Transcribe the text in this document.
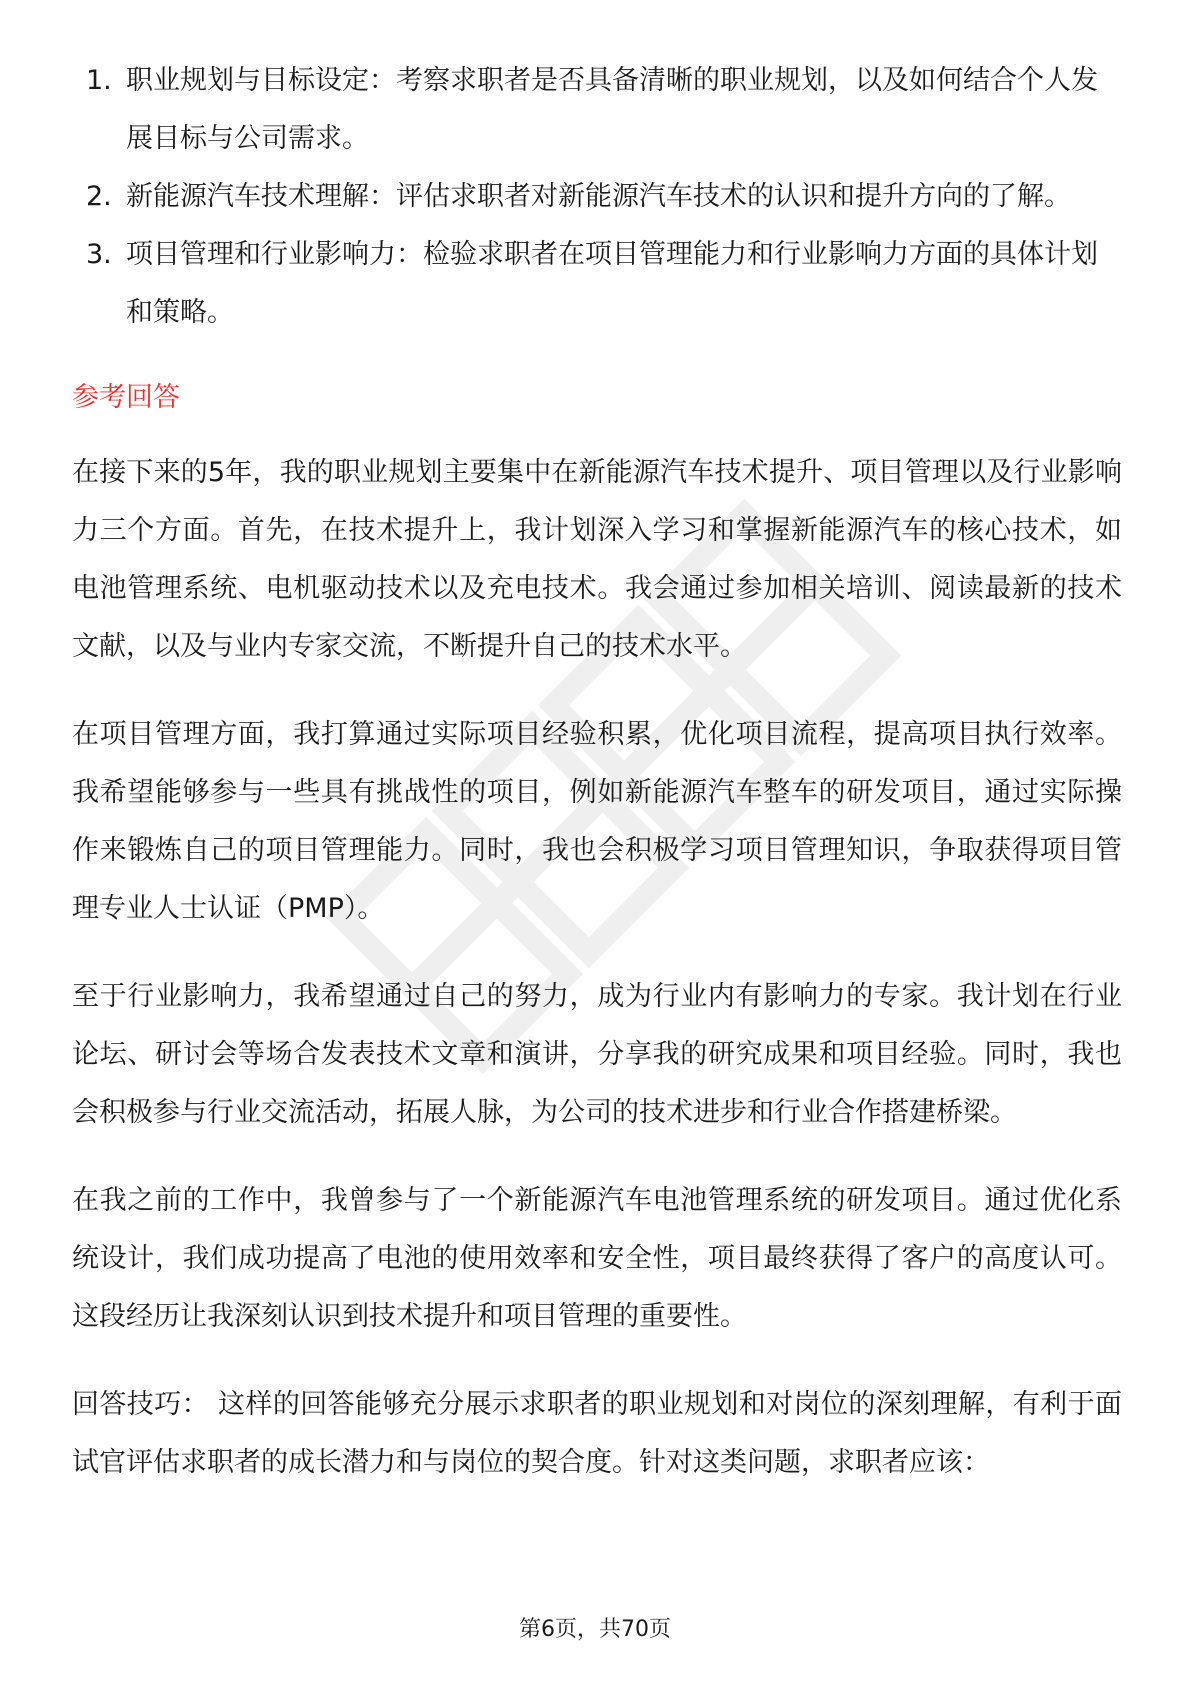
1. 职业规划与目标设定：考察求职者是否具备清晰的职业规划，以及如何结合个人发展目标与公司需求。
2. 新能源汽车技术理解：评估求职者对新能源汽车技术的认识和提升方向的了解。
3. 项目管理和行业影响力：检验求职者在项目管理能力和行业影响力方面的具体计划和策略。
参考回答

在接下来的5年，我的职业规划主要集中在新能源汽车技术提升、项目管理以及行业影响力三个方面。首先，在技术提升上，我计划深入学习和掌握新能源汽车的核心技术，如电池管理系统、电机驱动技术以及充电技术。我会通过参加相关培训、阅读最新的技术文献，以及与业内专家交流，不断提升自己的技术水平。

在项目管理方面，我打算通过实际项目经验积累，优化项目流程，提高项目执行效率。我希望能够参与一些具有挑战性的项目，例如新能源汽车整车的研发项目，通过实际操作来锻炼自己的项目管理能力。同时，我也会积极学习项目管理知识，争取获得项目管理专业人士认证（PMP）。

至于行业影响力，我希望通过自己的努力，成为行业内有影响力的专家。我计划在行业论坛、研讨会等场合发表技术文章和演讲，分享我的研究成果和项目经验。同时，我也会积极参与行业交流活动，拓展人脉，为公司的技术进步和行业合作搭建桥梁。

在我之前的工作中，我曾参与了一个新能源汽车电池管理系统的研发项目。通过优化系统设计，我们成功提高了电池的使用效率和安全性，项目最终获得了客户的高度认可。这段经历让我深刻认识到技术提升和项目管理的重要性。

回答技巧： 这样的回答能够充分展示求职者的职业规划和对岗位的深刻理解，有利于面试官评估求职者的成长潜力和与岗位的契合度。针对这类问题，求职者应该：

第6页，共70页
